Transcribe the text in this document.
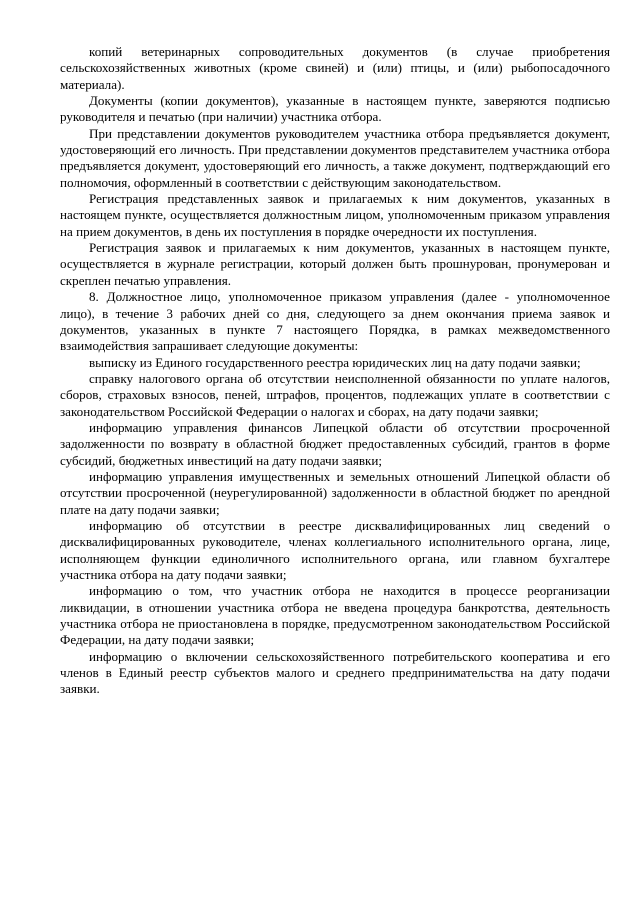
копий ветеринарных сопроводительных документов (в случае приобретения сельскохозяйственных животных (кроме свиней) и (или) птицы, и (или) рыбопосадочного материала).

Документы (копии документов), указанные в настоящем пункте, заверяются подписью руководителя и печатью (при наличии) участника отбора.

При представлении документов руководителем участника отбора предъявляется документ, удостоверяющий его личность. При представлении документов представителем участника отбора предъявляется документ, удостоверяющий его личность, а также документ, подтверждающий его полномочия, оформленный в соответствии с действующим законодательством.

Регистрация представленных заявок и прилагаемых к ним документов, указанных в настоящем пункте, осуществляется должностным лицом, уполномоченным приказом управления на прием документов, в день их поступления в порядке очередности их поступления.

Регистрация заявок и прилагаемых к ним документов, указанных в настоящем пункте, осуществляется в журнале регистрации, который должен быть прошнурован, пронумерован и скреплен печатью управления.

8. Должностное лицо, уполномоченное приказом управления (далее - уполномоченное лицо), в течение 3 рабочих дней со дня, следующего за днем окончания приема заявок и документов, указанных в пункте 7 настоящего Порядка, в рамках межведомственного взаимодействия запрашивает следующие документы:

выписку из Единого государственного реестра юридических лиц на дату подачи заявки;

справку налогового органа об отсутствии неисполненной обязанности по уплате налогов, сборов, страховых взносов, пеней, штрафов, процентов, подлежащих уплате в соответствии с законодательством Российской Федерации о налогах и сборах, на дату подачи заявки;

информацию управления финансов Липецкой области об отсутствии просроченной задолженности по возврату в областной бюджет предоставленных субсидий, грантов в форме субсидий, бюджетных инвестиций на дату подачи заявки;

информацию управления имущественных и земельных отношений Липецкой области об отсутствии просроченной (неурегулированной) задолженности в областной бюджет по арендной плате на дату подачи заявки;

информацию об отсутствии в реестре дисквалифицированных лиц сведений о дисквалифицированных руководителе, членах коллегиального исполнительного органа, лице, исполняющем функции единоличного исполнительного органа, или главном бухгалтере участника отбора на дату подачи заявки;

информацию о том, что участник отбора не находится в процессе реорганизации ликвидации, в отношении участника отбора не введена процедура банкротства, деятельность участника отбора не приостановлена в порядке, предусмотренном законодательством Российской Федерации, на дату подачи заявки;

информацию о включении сельскохозяйственного потребительского кооператива и его членов в Единый реестр субъектов малого и среднего предпринимательства на дату подачи заявки.
